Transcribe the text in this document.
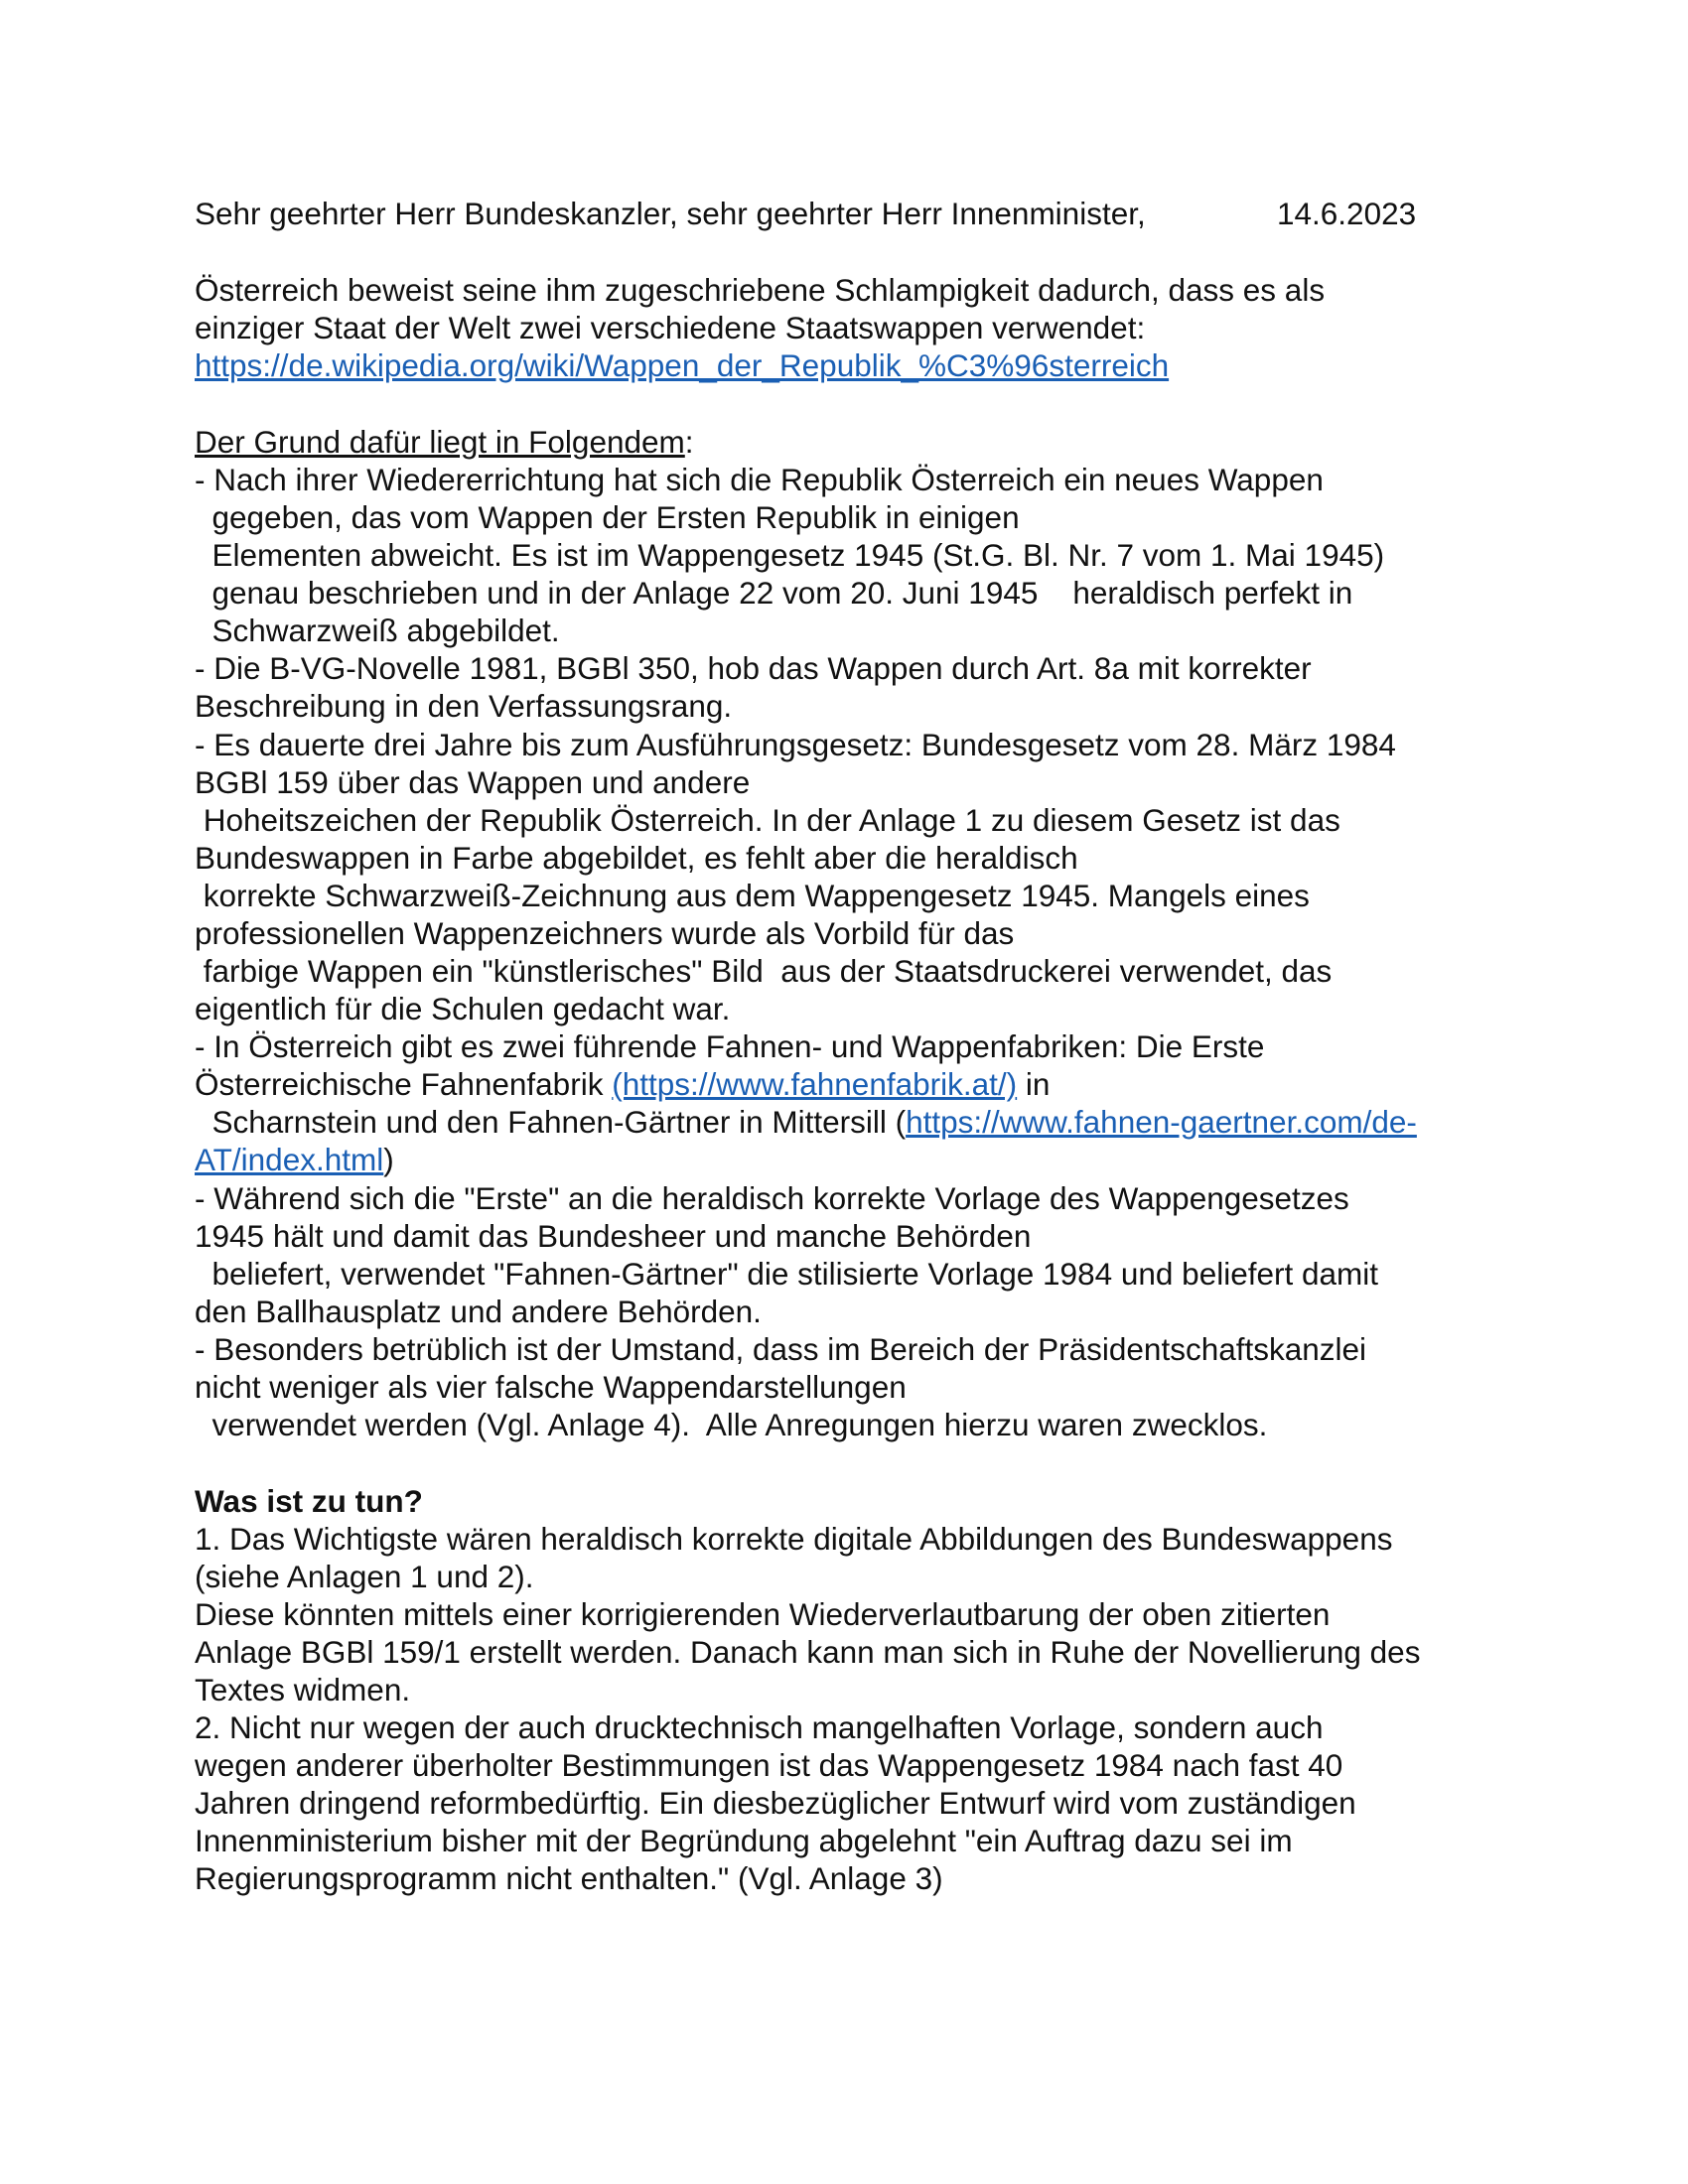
Sehr geehrter Herr Bundeskanzler, sehr geehrter Herr Innenminister,	14.6.2023
Österreich beweist seine ihm zugeschriebene Schlampigkeit dadurch, dass es als
einziger Staat der Welt zwei verschiedene Staatswappen verwendet:
https://de.wikipedia.org/wiki/Wappen_der_Republik_%C3%96sterreich
Der Grund dafür liegt in Folgendem:
- Nach ihrer Wiedererrichtung hat sich die Republik Österreich ein neues Wappen
gegeben, das vom Wappen der Ersten Republik in einigen
Elementen abweicht. Es ist im Wappengesetz 1945 (St.G. Bl. Nr. 7 vom 1. Mai 1945)
genau beschrieben und in der Anlage 22 vom 20. Juni 1945    heraldisch perfekt in
Schwarzweiß abgebildet.
- Die B-VG-Novelle 1981, BGBl 350, hob das Wappen durch Art. 8a mit korrekter
Beschreibung in den Verfassungsrang.
- Es dauerte drei Jahre bis zum Ausführungsgesetz: Bundesgesetz vom 28. März 1984
BGBl 159 über das Wappen und andere
Hoheitszeichen der Republik Österreich. In der Anlage 1 zu diesem Gesetz ist das
Bundeswappen in Farbe abgebildet, es fehlt aber die heraldisch
korrekte Schwarzweiß-Zeichnung aus dem Wappengesetz 1945. Mangels eines
professionellen Wappenzeichners wurde als Vorbild für das
farbige Wappen ein "künstlerisches" Bild  aus der Staatsdruckerei verwendet, das
eigentlich für die Schulen gedacht war.
- In Österreich gibt es zwei führende Fahnen- und Wappenfabriken: Die Erste
Österreichische Fahnenfabrik (https://www.fahnenfabrik.at/) in
Scharnstein und den Fahnen-Gärtner in Mittersill (https://www.fahnen-gaertner.com/de-
AT/index.html)
- Während sich die "Erste" an die heraldisch korrekte Vorlage des Wappengesetzes
1945 hält und damit das Bundesheer und manche Behörden
beliefert, verwendet "Fahnen-Gärtner" die stilisierte Vorlage 1984 und beliefert damit
den Ballhausplatz und andere Behörden.
- Besonders betrüblich ist der Umstand, dass im Bereich der Präsidentschaftskanzlei
nicht weniger als vier falsche Wappendarstellungen
verwendet werden (Vgl. Anlage 4).  Alle Anregungen hierzu waren zwecklos.
Was ist zu tun?
1. Das Wichtigste wären heraldisch korrekte digitale Abbildungen des Bundeswappens
(siehe Anlagen 1 und 2).
Diese könnten mittels einer korrigierenden Wiederverlautbarung der oben zitierten
Anlage BGBl 159/1 erstellt werden. Danach kann man sich in Ruhe der Novellierung des
Textes widmen.
2. Nicht nur wegen der auch drucktechnisch mangelhaften Vorlage, sondern auch
wegen anderer überholter Bestimmungen ist das Wappengesetz 1984 nach fast 40
Jahren dringend reformbedürftig. Ein diesbezüglicher Entwurf wird vom zuständigen
Innenministerium bisher mit der Begründung abgelehnt "ein Auftrag dazu sei im
Regierungsprogramm nicht enthalten." (Vgl. Anlage 3)
